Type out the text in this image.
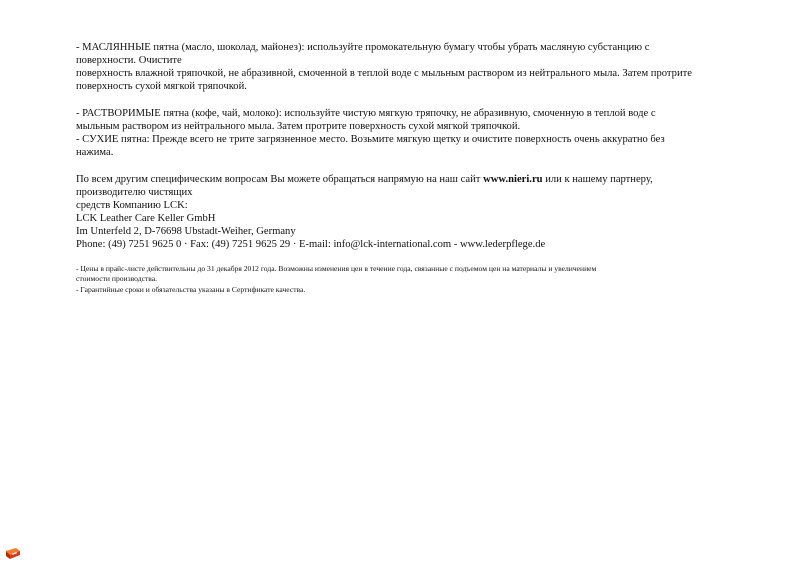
- МАСЛЯННЫЕ пятна (масло, шоколад, майонез): используйте промокательную бумагу чтобы убрать масляную субстанцию с
поверхности. Очистите
поверхность влажной тряпочкой, не абразивной, смоченной в теплой воде с мыльным раствором из нейтрального мыла. Затем протрите
поверхность сухой мягкой тряпочкой.
- РАСТВОРИМЫЕ пятна (кофе, чай, молоко): используйте чистую мягкую тряпочку, не абразивную, смоченную в теплой воде с
мыльным раствором из нейтрального мыла. Затем протрите поверхность сухой мягкой тряпочкой.
- СУХИЕ пятна: Прежде всего не трите загрязненное место. Возьмите мягкую щетку и очистите поверхность очень аккуратно без
нажима.
По всем другим специфическим вопросам Вы можете обращаться напрямую на наш сайт www.nieri.ru или к нашему партнеру,
производителю чистящих
средств Компанию LCK:
LCK Leather Care Keller GmbH
Im Unterfeld 2, D-76698 Ubstadt-Weiher, Germany
Phone: (49) 7251 9625 0 · Fax: (49) 7251 9625 29 · E-mail: info@lck-international.com - www.lederpflege.de
- Цены в прайс-листе действительны до 31 декабря 2012 года. Возможны изменения цен в течение года, связанные с подъемом цен на материалы и увеличением
стоимости производства.
- Гарантийные сроки и обязательства указаны в Сертификате качества.
